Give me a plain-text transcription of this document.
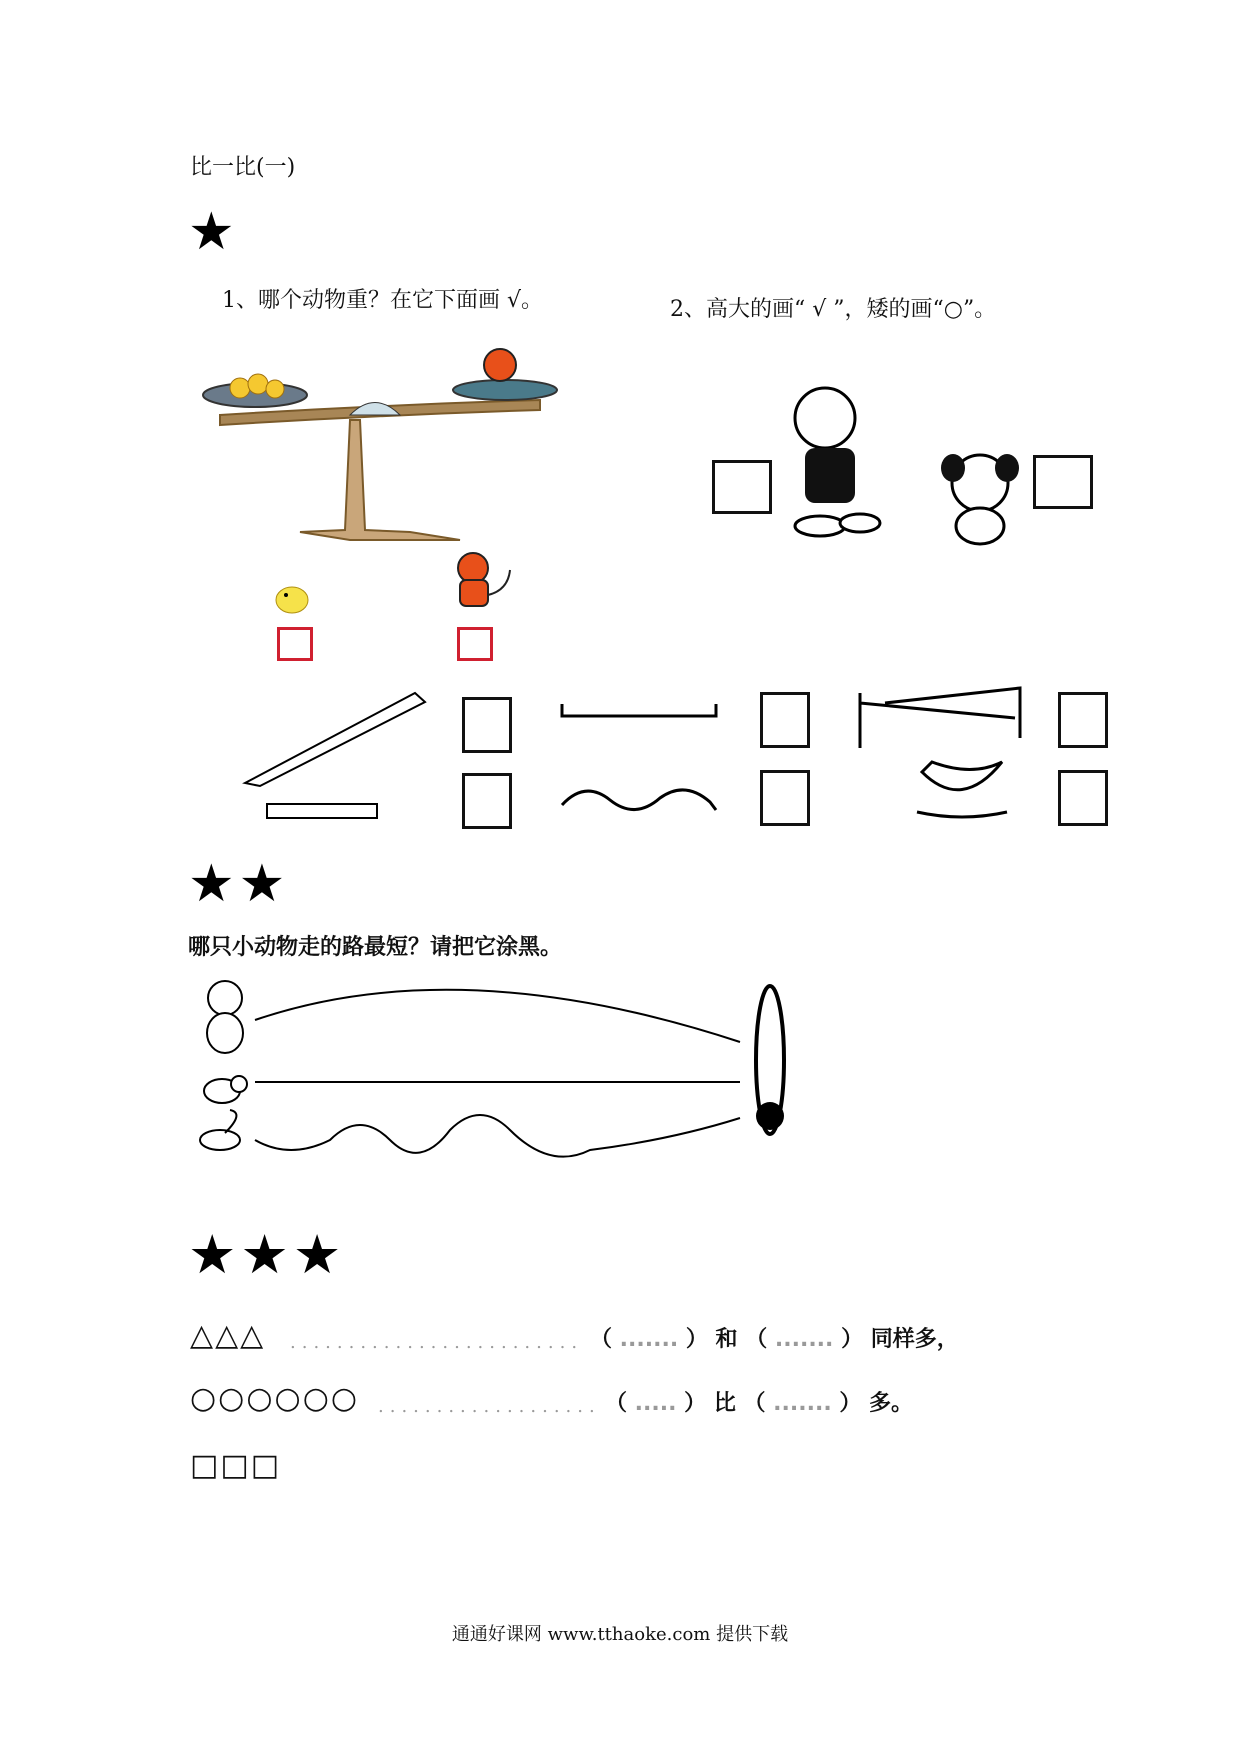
比一比(一)
★
1、哪个动物重？在它下面画 √。	2、高大的画“ √ ”，矮的画“○”。
★★
哪只小动物走的路最短？请把它涂黑。
★★★
△△△ ......................... （ ....... ） 和 （ ....... ） 同样多，
○○○○○○ ................... （ ..... ） 比 （ ....... ） 多。
□□□
通通好课网 www.tthaoke.com 提供下载
